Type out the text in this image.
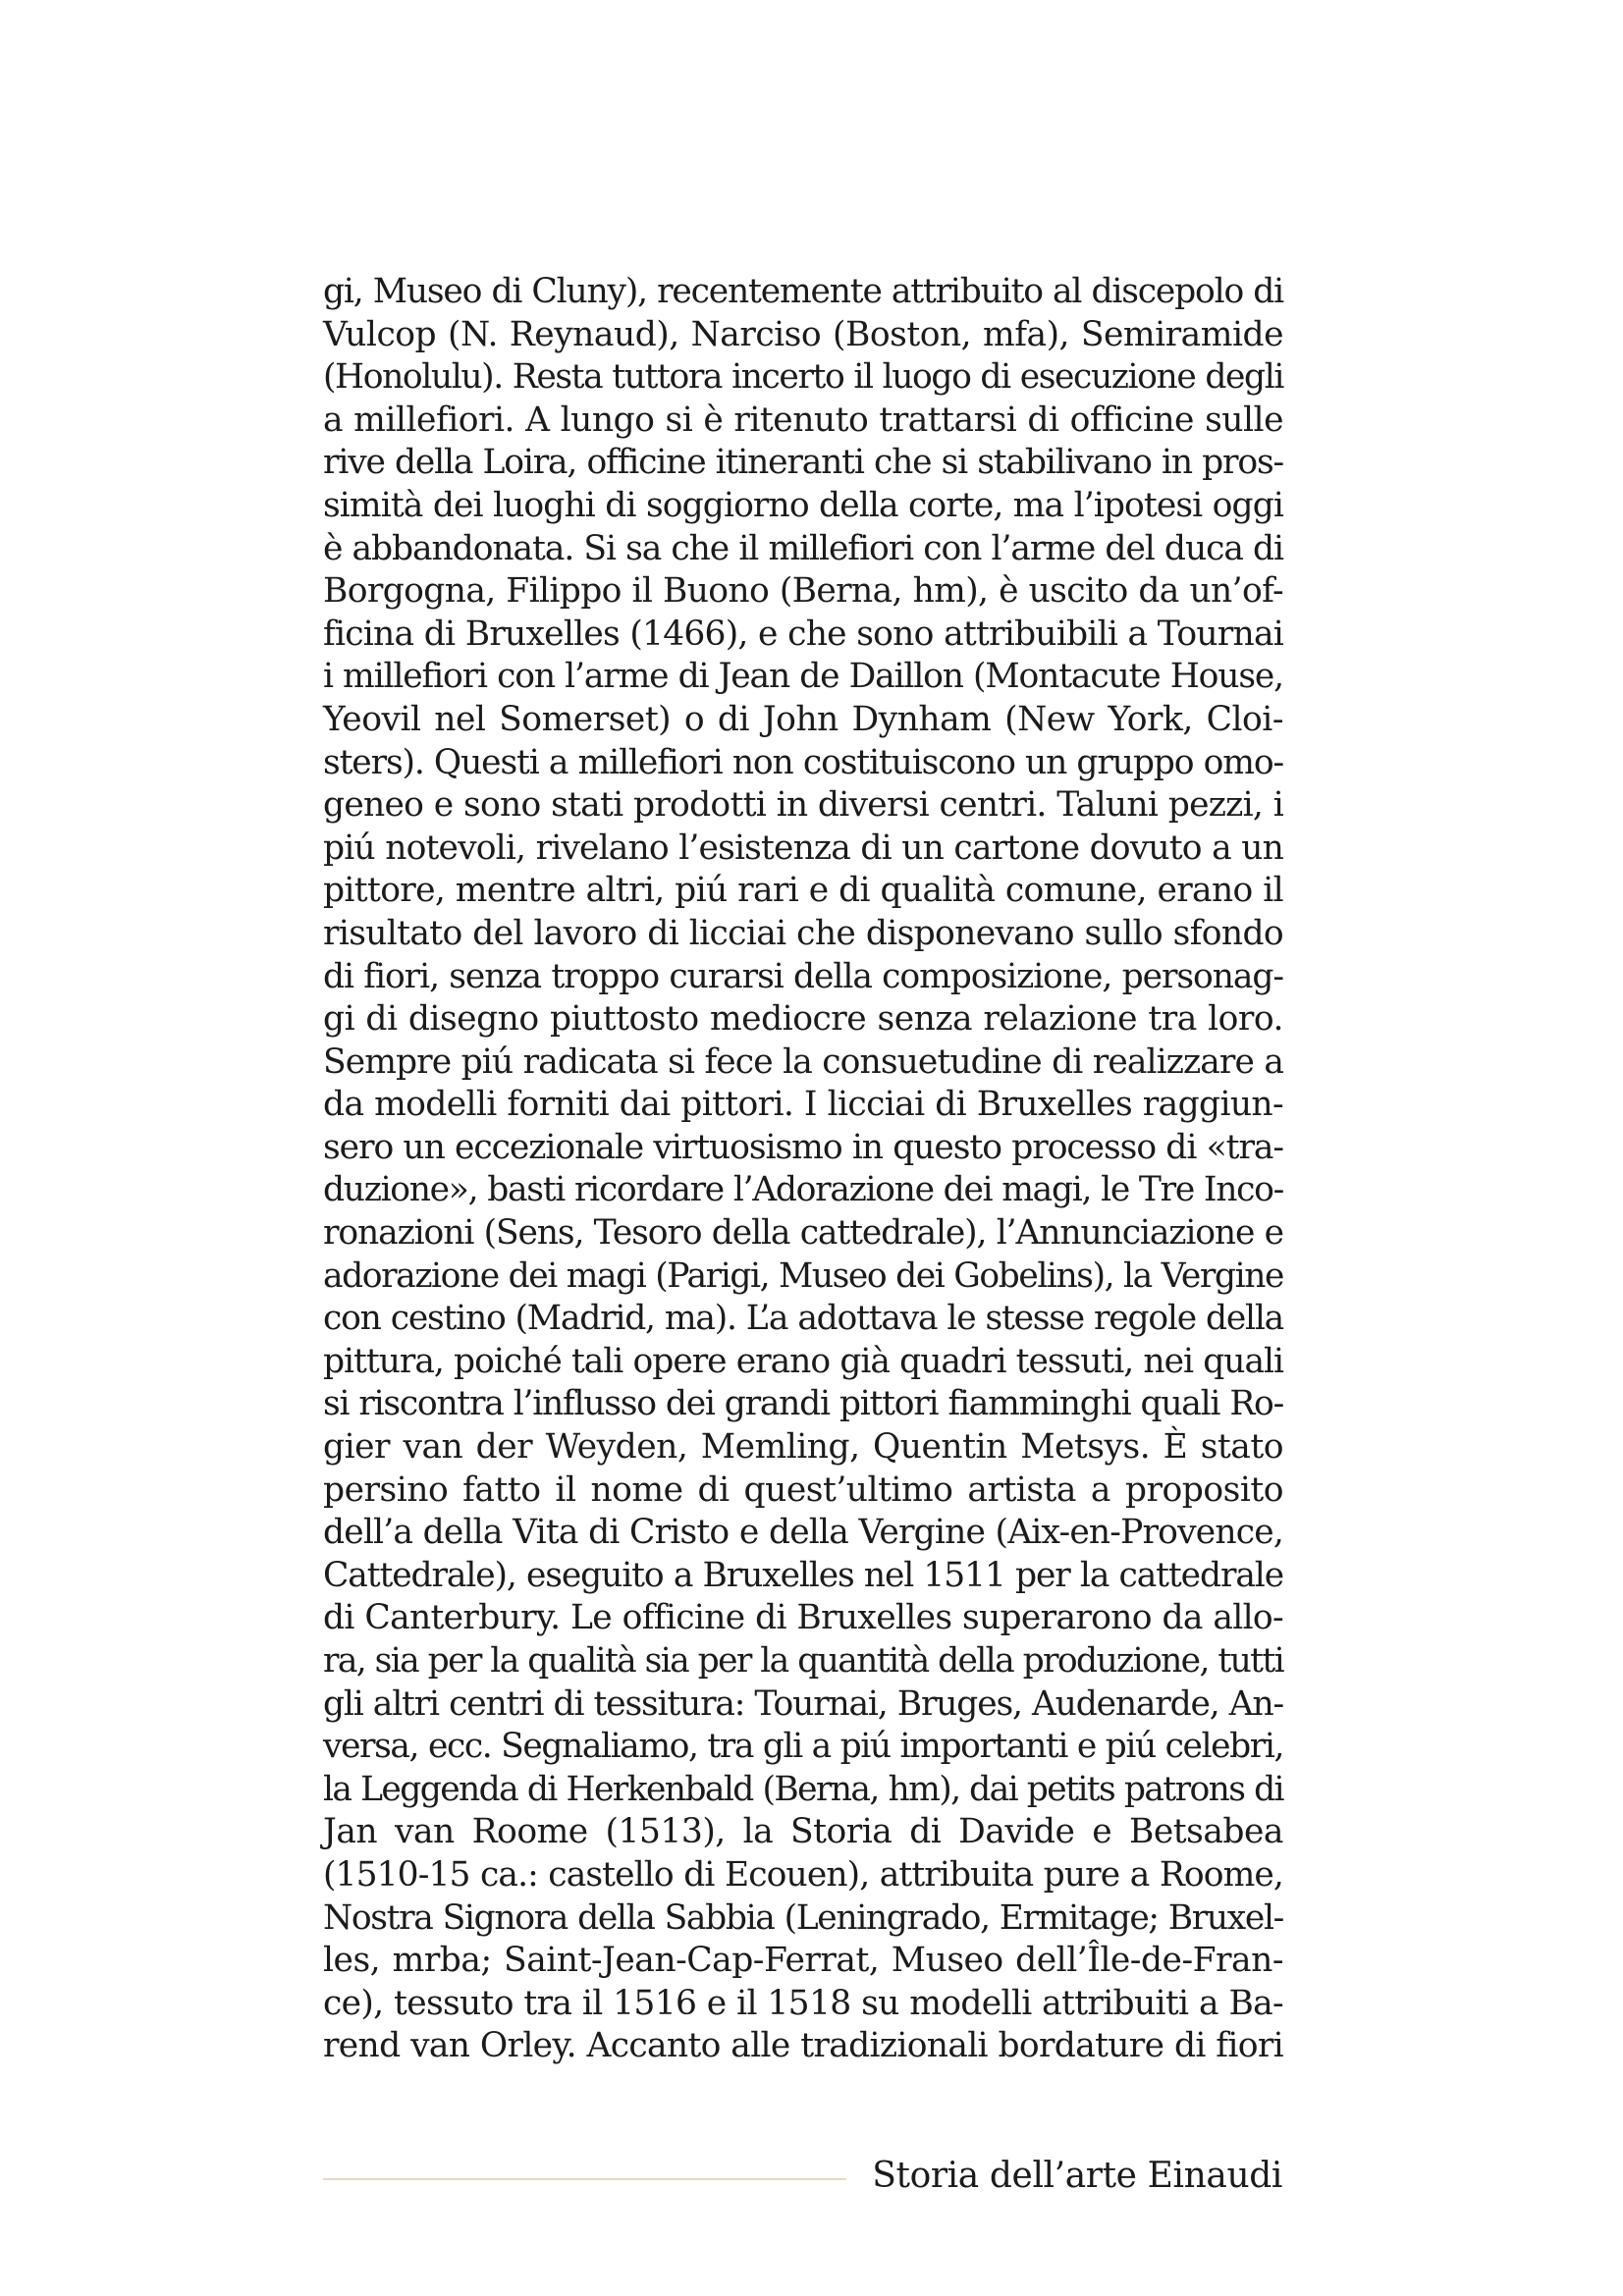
gi, Museo di Cluny), recentemente attribuito al discepolo di
Vulcop (N. Reynaud), Narciso (Boston, mfa), Semiramide
(Honolulu). Resta tuttora incerto il luogo di esecuzione degli
a millefiori. A lungo si è ritenuto trattarsi di officine sulle
rive della Loira, officine itineranti che si stabilivano in pros-
simità dei luoghi di soggiorno della corte, ma l’ipotesi oggi
è abbandonata. Si sa che il millefiori con l’arme del duca di
Borgogna, Filippo il Buono (Berna, hm), è uscito da un’of-
ficina di Bruxelles (1466), e che sono attribuibili a Tournai
i millefiori con l’arme di Jean de Daillon (Montacute House,
Yeovil nel Somerset) o di John Dynham (New York, Cloi-
sters). Questi a millefiori non costituiscono un gruppo omo-
geneo e sono stati prodotti in diversi centri. Taluni pezzi, i
piú notevoli, rivelano l’esistenza di un cartone dovuto a un
pittore, mentre altri, piú rari e di qualità comune, erano il
risultato del lavoro di licciai che disponevano sullo sfondo
di fiori, senza troppo curarsi della composizione, personag-
gi di disegno piuttosto mediocre senza relazione tra loro.
Sempre piú radicata si fece la consuetudine di realizzare a
da modelli forniti dai pittori. I licciai di Bruxelles raggiun-
sero un eccezionale virtuosismo in questo processo di «tra-
duzione», basti ricordare l’Adorazione dei magi, le Tre Inco-
ronazioni (Sens, Tesoro della cattedrale), l’Annunciazione e
adorazione dei magi (Parigi, Museo dei Gobelins), la Vergine
con cestino (Madrid, ma). L’a adottava le stesse regole della
pittura, poiché tali opere erano già quadri tessuti, nei quali
si riscontra l’influsso dei grandi pittori fiamminghi quali Ro-
gier van der Weyden, Memling, Quentin Metsys. È stato
persino fatto il nome di quest’ultimo artista a proposito
dell’a della Vita di Cristo e della Vergine (Aix-en-Provence,
Cattedrale), eseguito a Bruxelles nel 1511 per la cattedrale
di Canterbury. Le officine di Bruxelles superarono da allo-
ra, sia per la qualità sia per la quantità della produzione, tutti
gli altri centri di tessitura: Tournai, Bruges, Audenarde, An-
versa, ecc. Segnaliamo, tra gli a piú importanti e piú celebri,
la Leggenda di Herkenbald (Berna, hm), dai petits patrons di
Jan van Roome (1513), la Storia di Davide e Betsabea
(1510-15 ca.: castello di Ecouen), attribuita pure a Roome,
Nostra Signora della Sabbia (Leningrado, Ermitage; Bruxel-
les, mrba; Saint-Jean-Cap-Ferrat, Museo dell’Île-de-Fran-
ce), tessuto tra il 1516 e il 1518 su modelli attribuiti a Ba-
rend van Orley. Accanto alle tradizionali bordature di fiori
Storia dell’arte Einaudi
